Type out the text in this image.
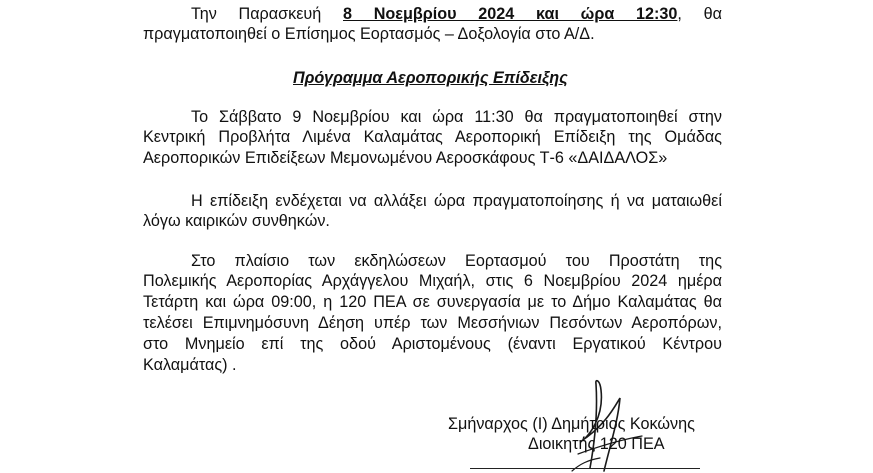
Την Παρασκευή 8 Νοεμβρίου 2024 και ώρα 12:30, θα
πραγματοποιηθεί ο Επίσημος Εορτασμός – Δοξολογία στο Α/Δ.
Πρόγραμμα Αεροπορικής Επίδειξης
Το Σάββατο 9 Νοεμβρίου και ώρα 11:30 θα πραγματοποιηθεί στην
Κεντρική Προβλήτα Λιμένα Καλαμάτας Αεροπορική Επίδειξη της Ομάδας
Αεροπορικών Επιδείξεων Μεμονωμένου Αεροσκάφους Τ-6 «ΔΑΙΔΑΛΟΣ»
Η επίδειξη ενδέχεται να αλλάξει ώρα πραγματοποίησης ή να ματαιωθεί
λόγω καιρικών συνθηκών.
Στο πλαίσιο των εκδηλώσεων Εορτασμού του Προστάτη της
Πολεμικής Αεροπορίας Αρχάγγελου Μιχαήλ, στις 6 Νοεμβρίου 2024 ημέρα
Τετάρτη και ώρα 09:00, η 120 ΠΕΑ σε συνεργασία με το Δήμο Καλαμάτας θα
τελέσει Επιμνημόσυνη Δέηση υπέρ των Μεσσήνιων Πεσόντων Αεροπόρων,
στο Μνημείο επί της οδού Αριστομένους (έναντι Εργατικού Κέντρου
Καλαμάτας) .
Σμήναρχος (Ι) Δημήτριος Κοκώνης
Διοικητής 120 ΠΕΑ
